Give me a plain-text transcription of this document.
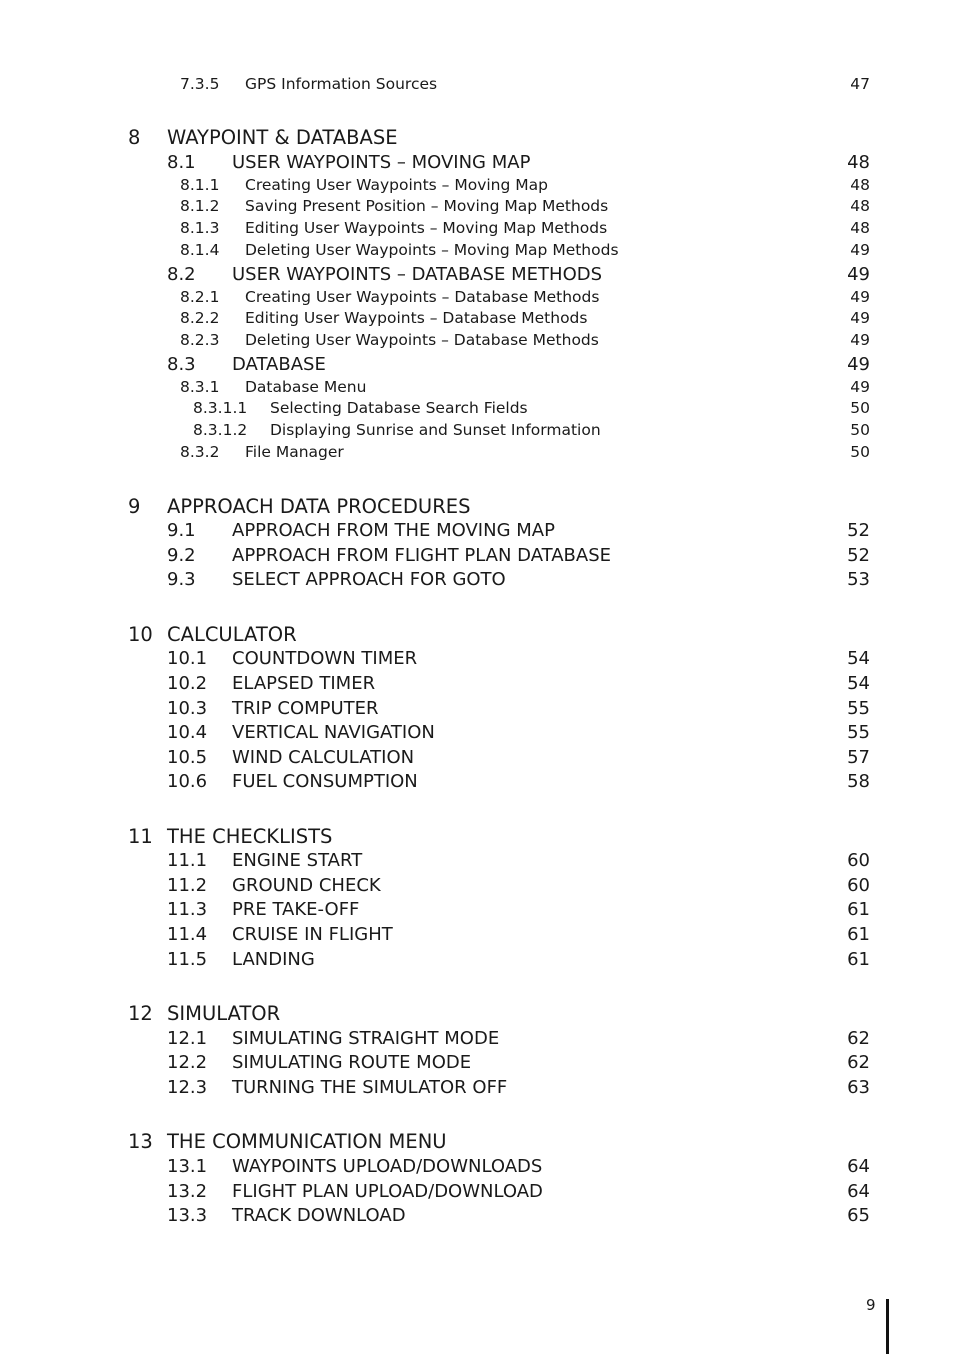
7.3.5 GPS Information Sources	47
8 WAYPOINT & DATABASE
8.1 USER WAYPOINTS – MOVING MAP	48
8.1.1 Creating User Waypoints – Moving Map	48
8.1.2 Saving Present Position – Moving Map Methods	48
8.1.3 Editing User Waypoints – Moving Map Methods	48
8.1.4 Deleting User Waypoints – Moving Map Methods	49
8.2 USER WAYPOINTS – DATABASE METHODS	49
8.2.1 Creating User Waypoints – Database Methods	49
8.2.2 Editing User Waypoints – Database Methods	49
8.2.3 Deleting User Waypoints – Database Methods	49
8.3 DATABASE	49
8.3.1 Database Menu	49
8.3.1.1 Selecting Database Search Fields	50
8.3.1.2 Displaying Sunrise and Sunset Information	50
8.3.2 File Manager	50
9 APPROACH DATA PROCEDURES
9.1 APPROACH FROM THE MOVING MAP	52
9.2 APPROACH FROM FLIGHT PLAN DATABASE	52
9.3 SELECT APPROACH FOR GOTO	53
10 CALCULATOR
10.1 COUNTDOWN TIMER	54
10.2 ELAPSED TIMER	54
10.3 TRIP COMPUTER	55
10.4 VERTICAL NAVIGATION	55
10.5 WIND CALCULATION	57
10.6 FUEL CONSUMPTION	58
11 THE CHECKLISTS
11.1 ENGINE START	60
11.2 GROUND CHECK	60
11.3 PRE TAKE-OFF	61
11.4 CRUISE IN FLIGHT	61
11.5 LANDING	61
12 SIMULATOR
12.1 SIMULATING STRAIGHT MODE	62
12.2 SIMULATING ROUTE MODE	62
12.3 TURNING THE SIMULATOR OFF	63
13 THE COMMUNICATION MENU
13.1 WAYPOINTS UPLOAD/DOWNLOADS	64
13.2 FLIGHT PLAN UPLOAD/DOWNLOAD	64
13.3 TRACK DOWNLOAD	65
9
